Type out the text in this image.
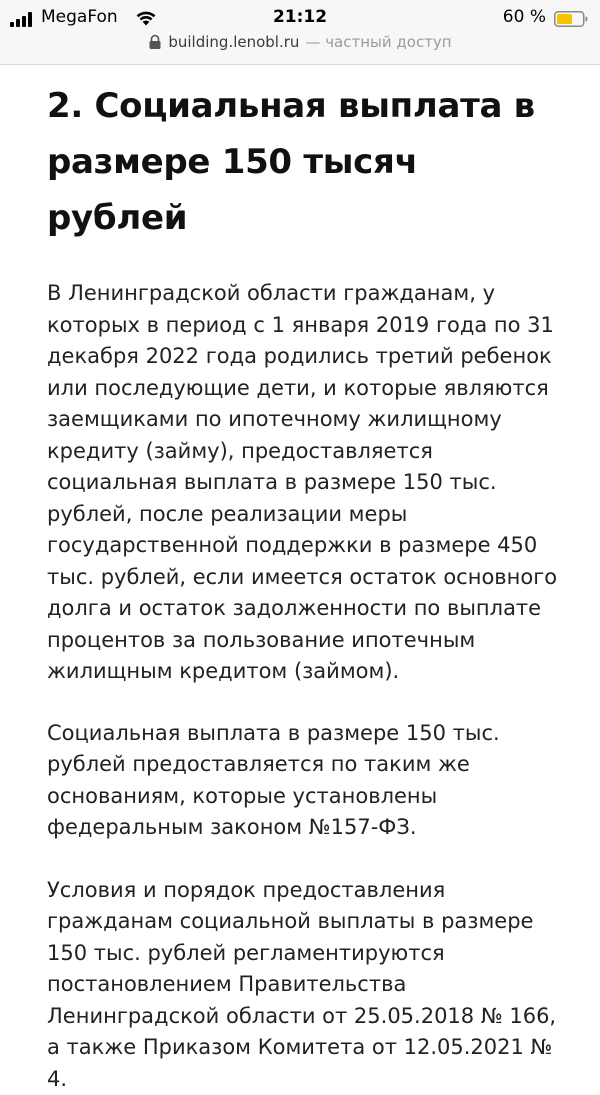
MegaFon	21:12	60 %
building.lenobl.ru — частный доступ
2. Социальная выплата в размере 150 тысяч рублей

В Ленинградской области гражданам, у которых в период с 1 января 2019 года по 31 декабря 2022 года родились третий ребенок или последующие дети, и которые являются заемщиками по ипотечному жилищному кредиту (займу), предоставляется социальная выплата в размере 150 тыс. рублей, после реализации меры государственной поддержки в размере 450 тыс. рублей, если имеется остаток основного долга и остаток задолженности по выплате процентов за пользование ипотечным жилищным кредитом (займом).

Социальная выплата в размере 150 тыс. рублей предоставляется по таким же основаниям, которые установлены федеральным законом №157-ФЗ.

Условия и порядок предоставления гражданам социальной выплаты в размере 150 тыс. рублей регламентируются постановлением Правительства Ленинградской области от 25.05.2018 № 166, а также Приказом Комитета от 12.05.2021 № 4.
